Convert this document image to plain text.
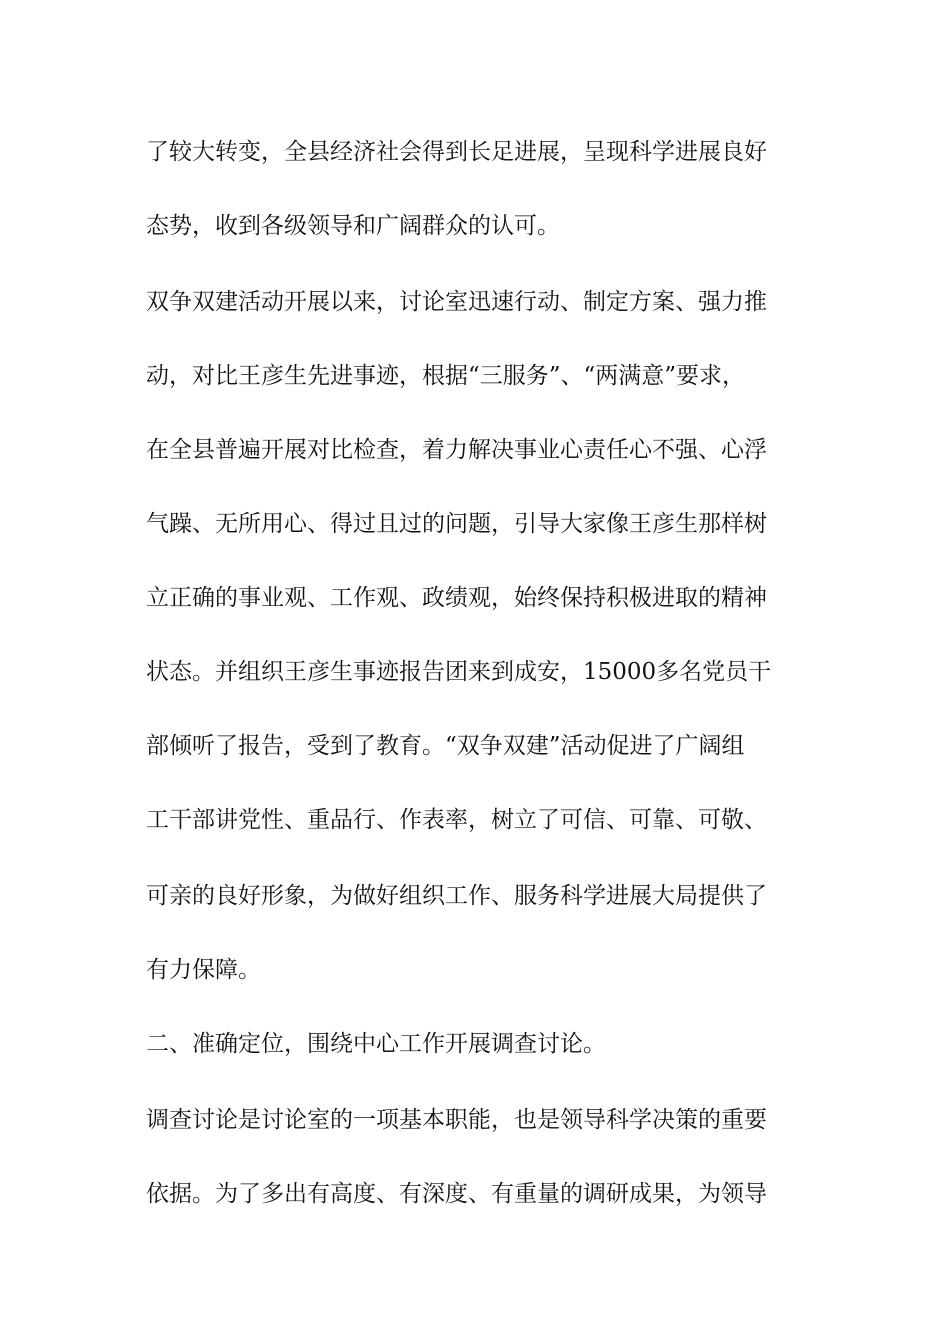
了较大转变，全县经济社会得到长足进展，呈现科学进展良好
态势，收到各级领导和广阔群众的认可。
双争双建活动开展以来，讨论室迅速行动、制定方案、强力推
动，对比王彦生先进事迹，根据“三服务”、“两满意”要求，
在全县普遍开展对比检查，着力解决事业心责任心不强、心浮
气躁、无所用心、得过且过的问题，引导大家像王彦生那样树
立正确的事业观、工作观、政绩观，始终保持积极进取的精神
状态。并组织王彦生事迹报告团来到成安，15000多名党员干
部倾听了报告，受到了教育。“双争双建”活动促进了广阔组
工干部讲党性、重品行、作表率，树立了可信、可靠、可敬、
可亲的良好形象，为做好组织工作、服务科学进展大局提供了
有力保障。
二、准确定位，围绕中心工作开展调查讨论。
调查讨论是讨论室的一项基本职能，也是领导科学决策的重要
依据。为了多出有高度、有深度、有重量的调研成果，为领导
